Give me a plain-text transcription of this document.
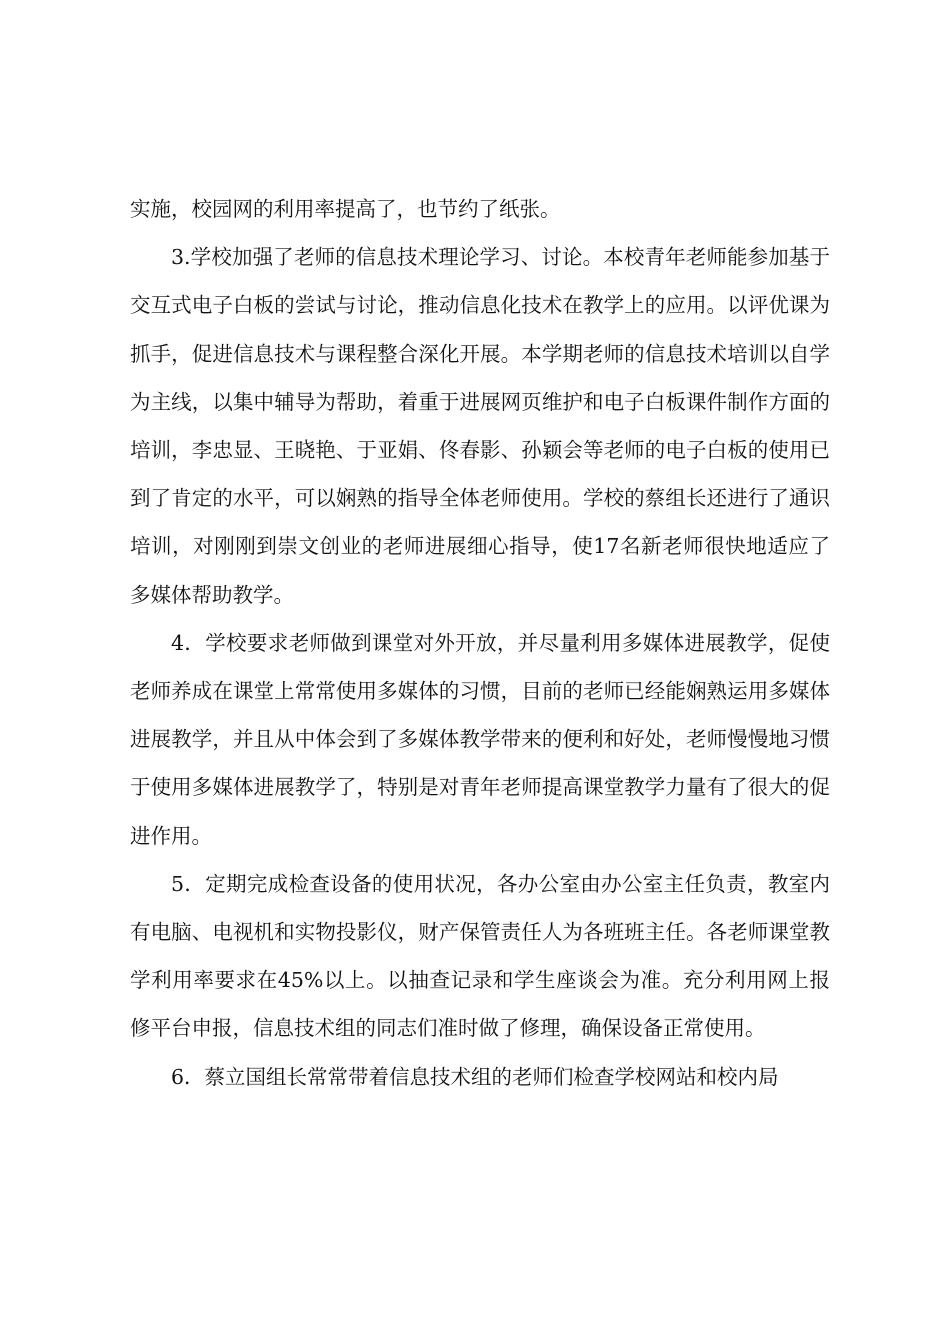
实施，校园网的利用率提高了，也节约了纸张。

3.学校加强了老师的信息技术理论学习、讨论。本校青年老师能参加基于交互式电子白板的尝试与讨论，推动信息化技术在教学上的应用。以评优课为抓手，促进信息技术与课程整合深化开展。本学期老师的信息技术培训以自学为主线，以集中辅导为帮助，着重于进展网页维护和电子白板课件制作方面的培训，李忠显、王晓艳、于亚娟、佟春影、孙颖会等老师的电子白板的使用已到了肯定的水平，可以娴熟的指导全体老师使用。学校的蔡组长还进行了通识培训，对刚刚到崇文创业的老师进展细心指导，使17名新老师很快地适应了多媒体帮助教学。

4．学校要求老师做到课堂对外开放，并尽量利用多媒体进展教学，促使老师养成在课堂上常常使用多媒体的习惯，目前的老师已经能娴熟运用多媒体进展教学，并且从中体会到了多媒体教学带来的便利和好处，老师慢慢地习惯于使用多媒体进展教学了，特别是对青年老师提高课堂教学力量有了很大的促进作用。

5．定期完成检查设备的使用状况，各办公室由办公室主任负责，教室内有电脑、电视机和实物投影仪，财产保管责任人为各班班主任。各老师课堂教学利用率要求在45%以上。以抽查记录和学生座谈会为准。充分利用网上报修平台申报，信息技术组的同志们准时做了修理，确保设备正常使用。

6．蔡立国组长常常带着信息技术组的老师们检查学校网站和校内局
